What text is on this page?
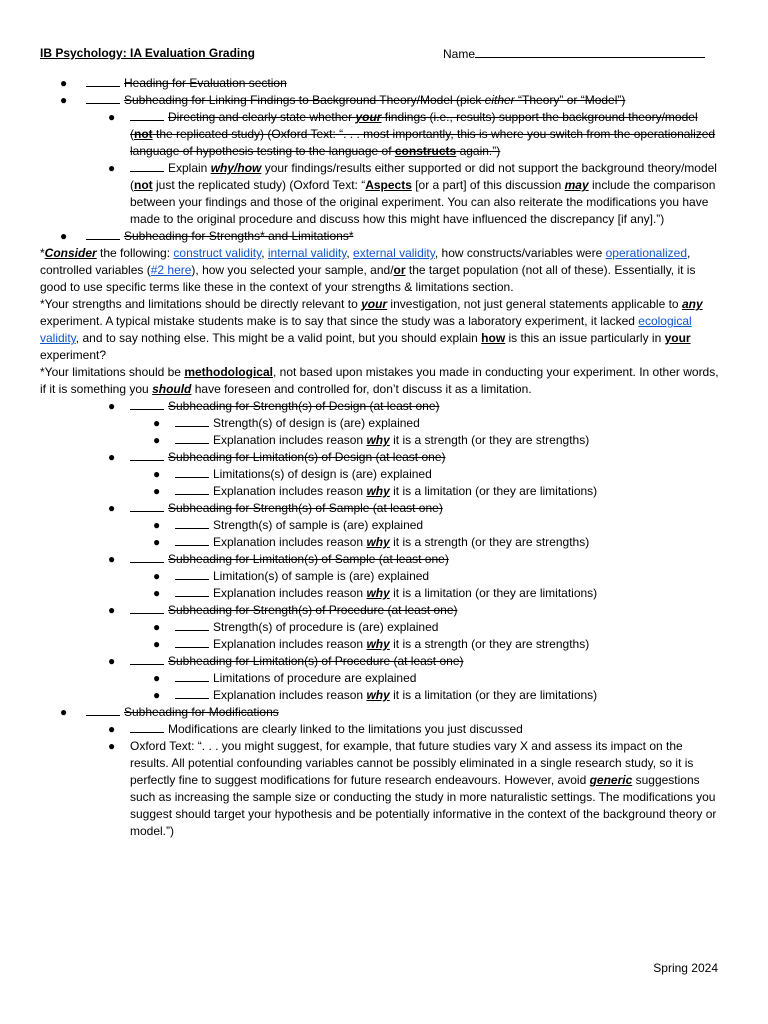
IB Psychology: IA Evaluation Grading	Name
●	Heading for Evaluation section
●	Subheading for Linking Findings to Background Theory/Model (pick either “Theory” or “Model”)
●	Directing and clearly state whether your findings (i.e., results) support the background theory/model (not the replicated study) (Oxford Text: “. . . most importantly, this is where you switch from the operationalized language of hypothesis testing to the language of constructs again.”)
●	Explain why/how your findings/results either supported or did not support the background theory/model (not just the replicated study) (Oxford Text: “Aspects [or a part] of this discussion may include the comparison between your findings and those of the original experiment. You can also reiterate the modifications you have made to the original procedure and discuss how this might have influenced the discrepancy [if any].”)
●	Subheading for Strengths* and Limitations*

*Consider the following: construct validity, internal validity, external validity, how constructs/variables were operationalized, controlled variables (#2 here), how you selected your sample, and/or the target population (not all of these). Essentially, it is good to use specific terms like these in the context of your strengths & limitations section.

*Your strengths and limitations should be directly relevant to your investigation, not just general statements applicable to any experiment. A typical mistake students make is to say that since the study was a laboratory experiment, it lacked ecological validity, and to say nothing else. This might be a valid point, but you should explain how is this an issue particularly in your experiment?

*Your limitations should be methodological, not based upon mistakes you made in conducting your experiment. In other words, if it is something you should have foreseen and controlled for, don’t discuss it as a limitation.

●	Subheading for Strength(s) of Design (at least one)
●	Strength(s) of design is (are) explained
●	Explanation includes reason why it is a strength (or they are strengths)
●	Subheading for Limitation(s) of Design (at least one)
●	Limitations(s) of design is (are) explained
●	Explanation includes reason why it is a limitation (or they are limitations)
●	Subheading for Strength(s) of Sample (at least one)
●	Strength(s) of sample is (are) explained
●	Explanation includes reason why it is a strength (or they are strengths)
●	Subheading for Limitation(s) of Sample (at least one)
●	Limitation(s) of sample is (are) explained
●	Explanation includes reason why it is a limitation (or they are limitations)
●	Subheading for Strength(s) of Procedure (at least one)
●	Strength(s) of procedure is (are) explained
●	Explanation includes reason why it is a strength (or they are strengths)
●	Subheading for Limitation(s) of Procedure (at least one)
●	Limitations of procedure are explained
●	Explanation includes reason why it is a limitation (or they are limitations)
●	Subheading for Modifications
●	Modifications are clearly linked to the limitations you just discussed
● Oxford Text: “. . . you might suggest, for example, that future studies vary X and assess its impact on the results. All potential confounding variables cannot be possibly eliminated in a single research study, so it is perfectly fine to suggest modifications for future research endeavours. However, avoid generic suggestions such as increasing the sample size or conducting the study in more naturalistic settings. The modifications you suggest should target your hypothesis and be potentially informative in the context of the background theory or model.”)
Spring 2024
